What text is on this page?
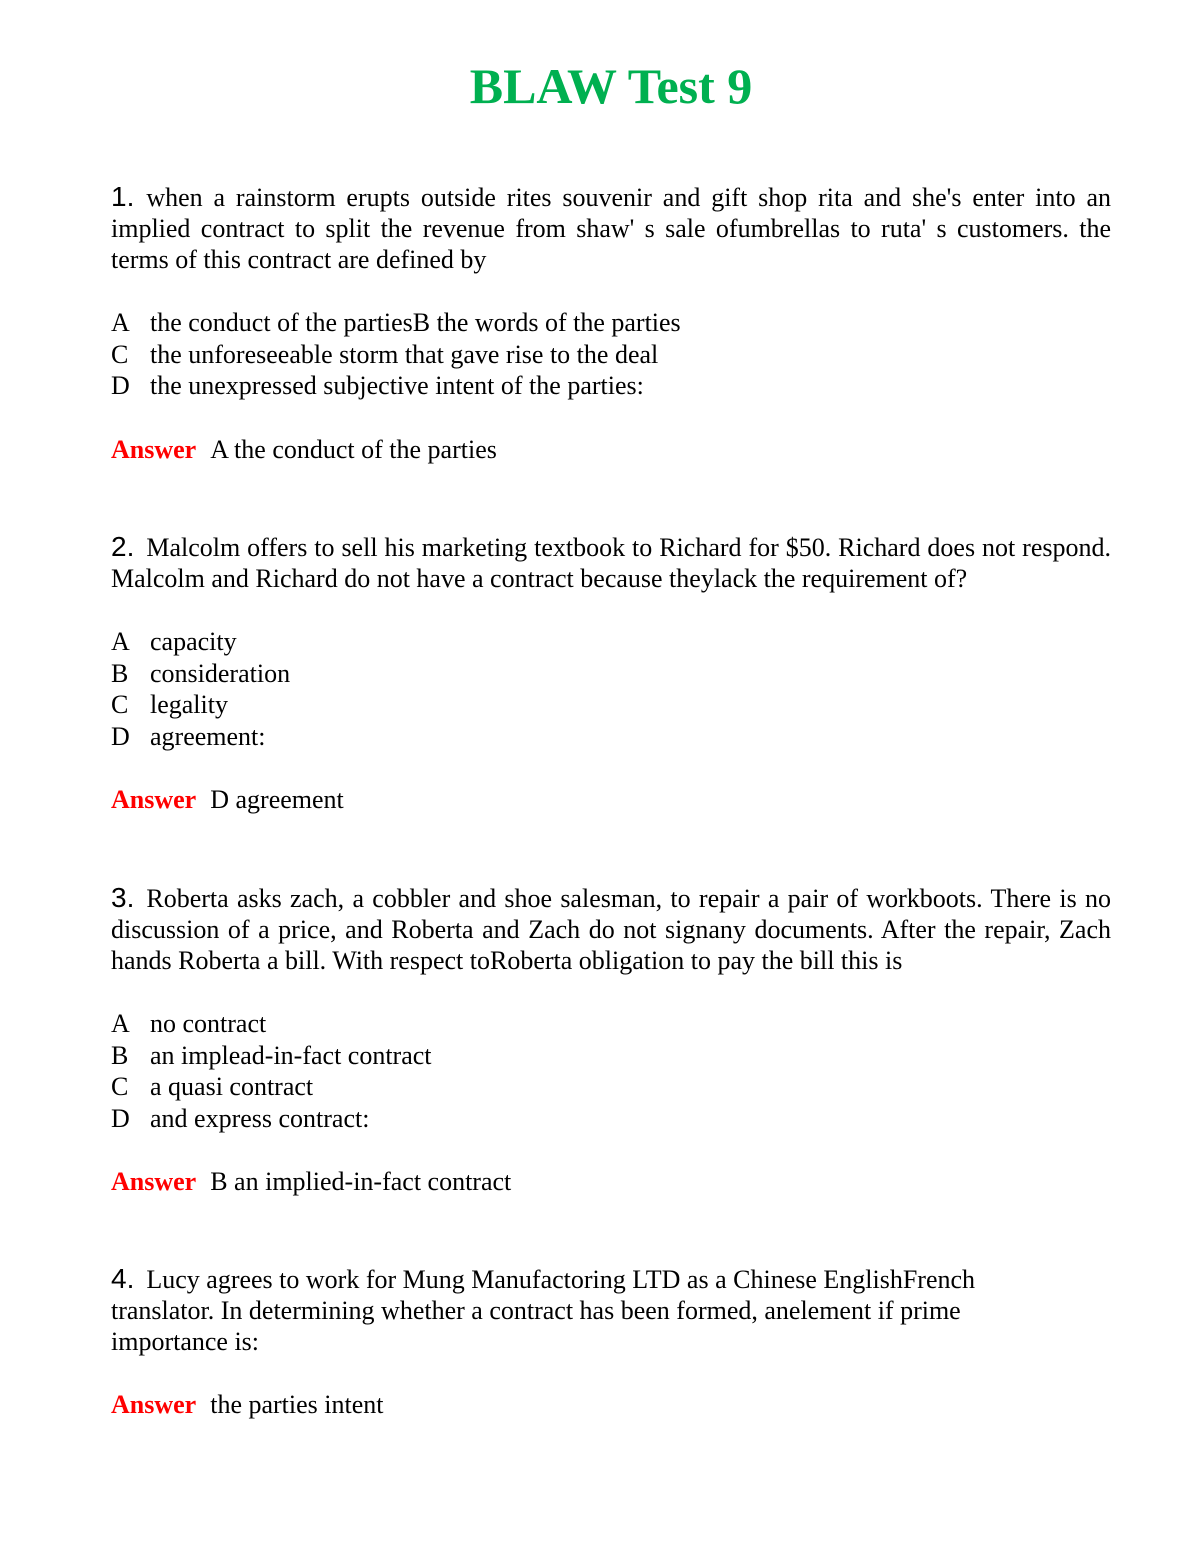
BLAW Test 9
1. when a rainstorm erupts outside rites souvenir and gift shop rita and she's enter into an implied contract to split the revenue from shaw' s sale ofumbrellas to ruta' s customers. the terms of this contract are defined by
A the conduct of the partiesB the words of the parties
C the unforeseeable storm that gave rise to the deal
D the unexpressed subjective intent of the parties:
Answer A the conduct of the parties
2. Malcolm offers to sell his marketing textbook to Richard for $50. Richard does not respond. Malcolm and Richard do not have a contract because theylack the requirement of?
A capacity
B consideration
C legality
D agreement:
Answer D agreement
3. Roberta asks zach, a cobbler and shoe salesman, to repair a pair of workboots. There is no discussion of a price, and Roberta and Zach do not signany documents. After the repair, Zach hands Roberta a bill. With respect toRoberta obligation to pay the bill this is
A no contract
B an implead-in-fact contract
C a quasi contract
D and express contract:
Answer B an implied-in-fact contract
4. Lucy agrees to work for Mung Manufactoring LTD as a Chinese EnglishFrench translator. In determining whether a contract has been formed, anelement if prime importance is:
Answer the parties intent
